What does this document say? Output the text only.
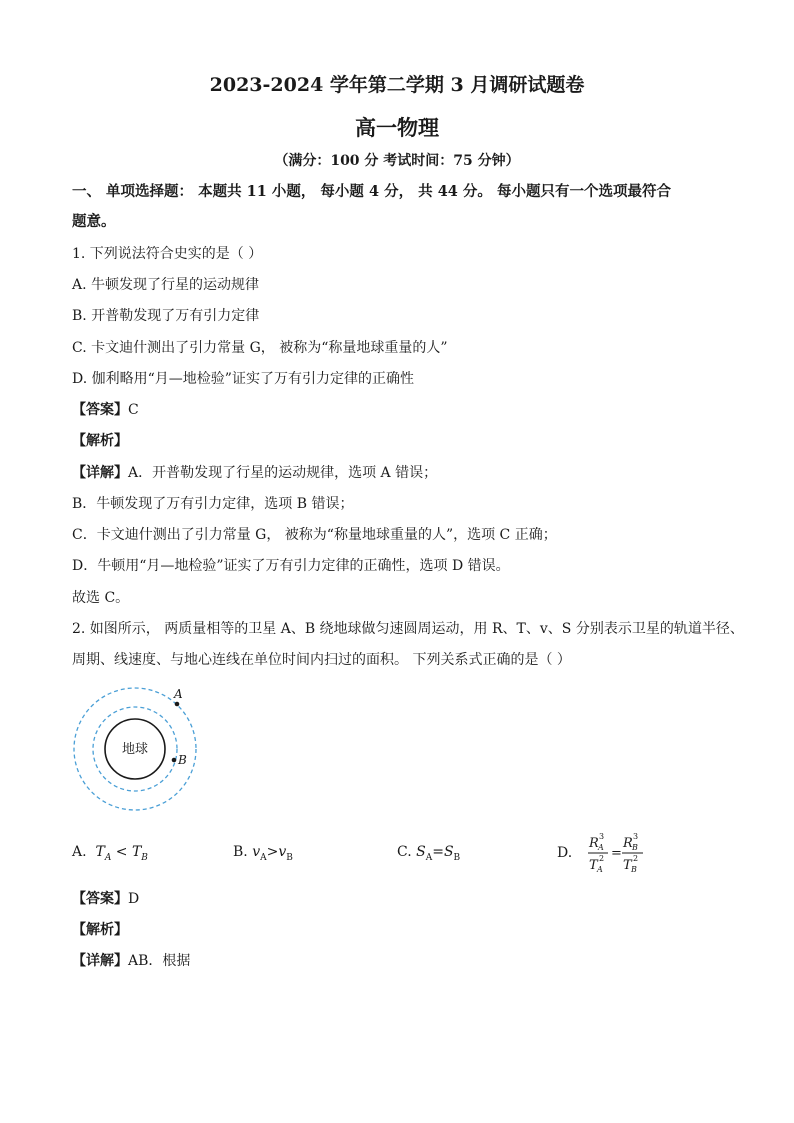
2023-2024 学年第二学期 3 月调研试题卷
高一物理
（满分：100 分 考试时间：75 分钟）
一、 单项选择题： 本题共 11 小题， 每小题 4 分， 共 44 分。 每小题只有一个选项最符合
题意。
1. 下列说法符合史实的是（ ）
A. 牛顿发现了行星的运动规律
B. 开普勒发现了万有引力定律
C. 卡文迪什测出了引力常量 G， 被称为“称量地球重量的人”
D. 伽利略用“月—地检验”证实了万有引力定律的正确性
【答案】C
【解析】
【详解】A．开普勒发现了行星的运动规律，选项 A 错误；
B．牛顿发现了万有引力定律，选项 B 错误；
C．卡文迪什测出了引力常量 G， 被称为“称量地球重量的人”，选项 C 正确；
D．牛顿用“月—地检验”证实了万有引力定律的正确性，选项 D 错误。
故选 C。
2. 如图所示， 两质量相等的卫星 A、B 绕地球做匀速圆周运动，用 R、T、v、S 分别表示卫星的轨道半径、
周期、线速度、与地心连线在单位时间内扫过的面积。 下列关系式正确的是（ ）
地球
A
B
A. $T_A < T_B$	B. $v_A>v_B$	C. $S_A=S_B$	D.
R A
3
T A
2 =
R B
3
T B
2
【答案】D
【解析】
【详解】AB．根据
